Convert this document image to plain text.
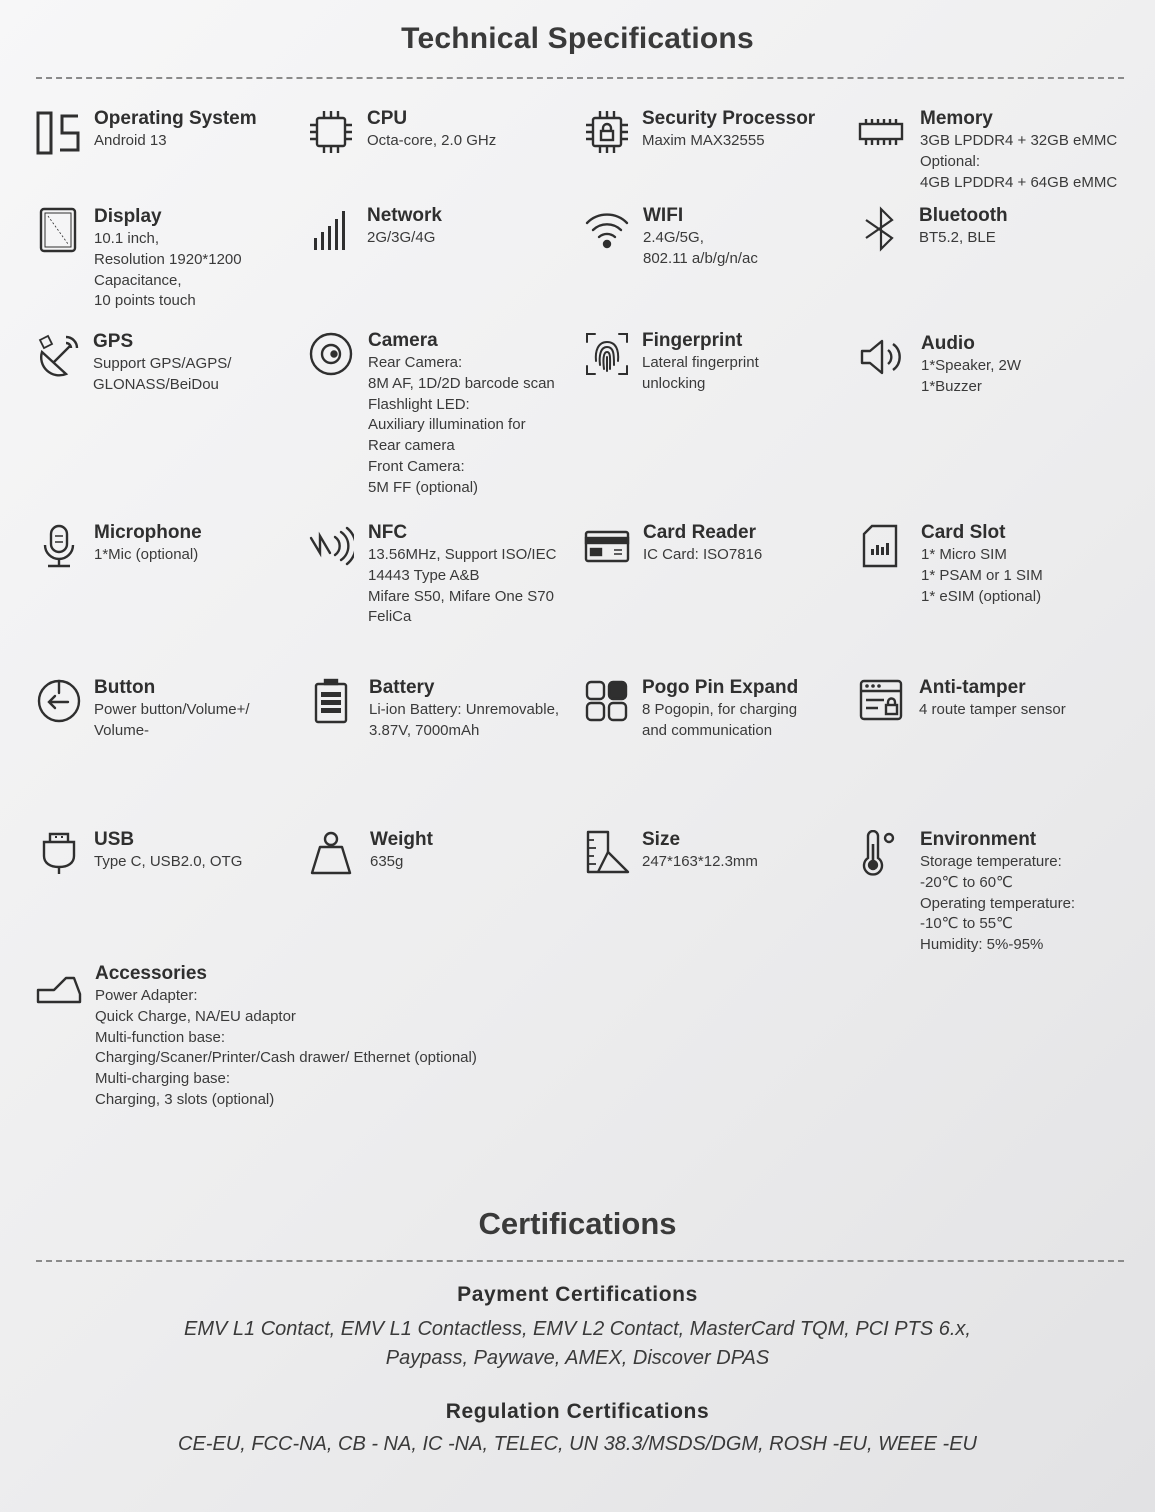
Technical Specifications
Operating System
Android 13
CPU
Octa-core, 2.0 GHz
Security Processor
Maxim MAX32555
Memory
3GB LPDDR4 + 32GB eMMC
Optional:
4GB LPDDR4 + 64GB eMMC
Display
10.1 inch,
Resolution 1920*1200
Capacitance,
10 points touch
Network
2G/3G/4G
WIFI
2.4G/5G,
802.11 a/b/g/n/ac
Bluetooth
BT5.2, BLE
GPS
Support GPS/AGPS/
GLONASS/BeiDou
Camera
Rear Camera:
8M AF, 1D/2D barcode scan
Flashlight LED:
Auxiliary illumination for
Rear camera
Front Camera:
5M FF (optional)
Fingerprint
Lateral fingerprint
unlocking
Audio
1*Speaker, 2W
1*Buzzer
Microphone
1*Mic (optional)
NFC
13.56MHz, Support ISO/IEC
14443 Type A&B
Mifare S50, Mifare One S70
FeliCa
Card Reader
IC Card: ISO7816
Card Slot
1* Micro SIM
1* PSAM or 1 SIM
1* eSIM (optional)
Button
Power button/Volume+/
Volume-
Battery
Li-ion Battery: Unremovable,
3.87V, 7000mAh
Pogo Pin Expand
8 Pogopin, for charging
and communication
Anti-tamper
4 route tamper sensor
USB
Type C, USB2.0, OTG
Weight
635g
Size
247*163*12.3mm
Environment
Storage temperature:
-20℃ to 60℃
Operating temperature:
-10℃ to 55℃
Humidity: 5%-95%
Accessories
Power Adapter:
Quick Charge, NA/EU adaptor
Multi-function base:
Charging/Scaner/Printer/Cash drawer/ Ethernet (optional)
Multi-charging base:
Charging, 3 slots (optional)
Certifications
Payment Certifications
EMV L1 Contact, EMV L1 Contactless, EMV L2 Contact, MasterCard TQM, PCI PTS 6.x,
Paypass, Paywave, AMEX, Discover DPAS
Regulation Certifications
CE-EU, FCC-NA, CB - NA, IC -NA, TELEC, UN 38.3/MSDS/DGM, ROSH -EU, WEEE -EU
